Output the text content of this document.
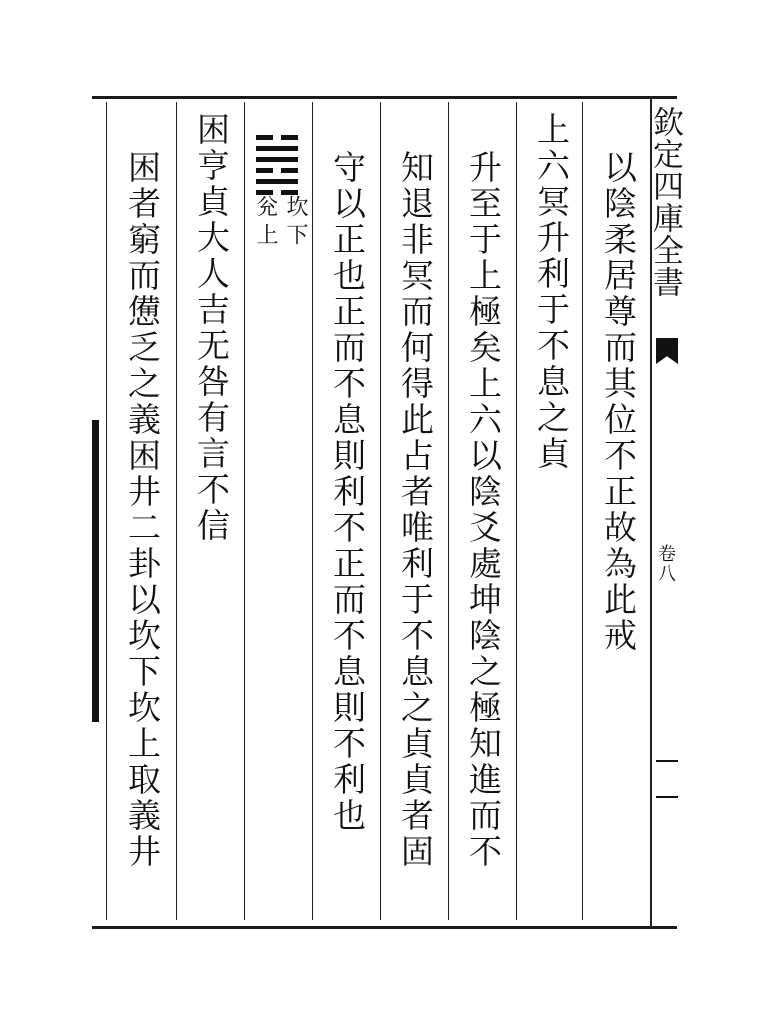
欽定四庫全書
卷八
以陰柔居尊而其位不正故為此戒
上六冥升利于不息之貞
升至于上極矣上六以陰爻處坤陰之極知進而不
知退非冥而何得此占者唯利于不息之貞貞者固
守以正也正而不息則利不正而不息則不利也
坎下
兊上
困亨貞大人吉无咎有言不信
困者窮而憊乏之義困井二卦以坎下坎上取義井
